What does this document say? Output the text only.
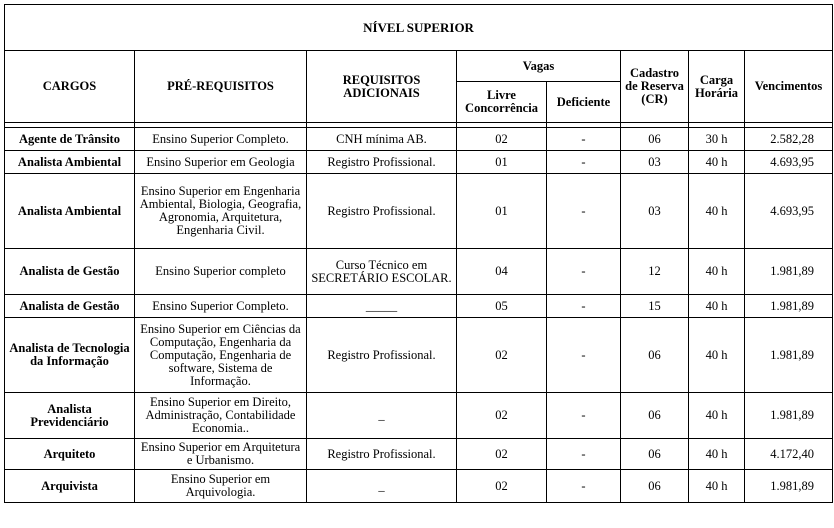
NÍVEL SUPERIOR							
CARGOS	PRÉ-REQUISITOS	REQUISITOS ADICIONAIS	Vagas		Cadastro de Reserva (CR)	Carga Horária	Vencimentos
			Livre Concorrência	Deficiente			

Agente de Trânsito	Ensino Superior Completo.	CNH mínima AB.	02	-	06	30 h	2.582,28
Analista Ambiental	Ensino Superior em Geologia	Registro Profissional.	01	-	03	40 h	4.693,95
Analista Ambiental	Ensino Superior em Engenharia Ambiental, Biologia, Geografia, Agronomia, Arquitetura, Engenharia Civil.	Registro Profissional.	01	-	03	40 h	4.693,95
Analista de Gestão	Ensino Superior completo	Curso Técnico em SECRETÁRIO ESCOLAR.	04	-	12	40 h	1.981,89
Analista de Gestão	Ensino Superior Completo.	_____	05	-	15	40 h	1.981,89
Analista de Tecnologia da Informação	Ensino Superior em Ciências da Computação, Engenharia da Computação, Engenharia de software, Sistema de Informação.	Registro Profissional.	02	-	06	40 h	1.981,89
Analista Previdenciário	Ensino Superior em Direito, Administração, Contabilidade Economia..	_	02	-	06	40 h	1.981,89
Arquiteto	Ensino Superior em Arquitetura e Urbanismo.	Registro Profissional.	02	-	06	40 h	4.172,40
Arquivista	Ensino Superior em Arquivologia.	_	02	-	06	40 h	1.981,89
